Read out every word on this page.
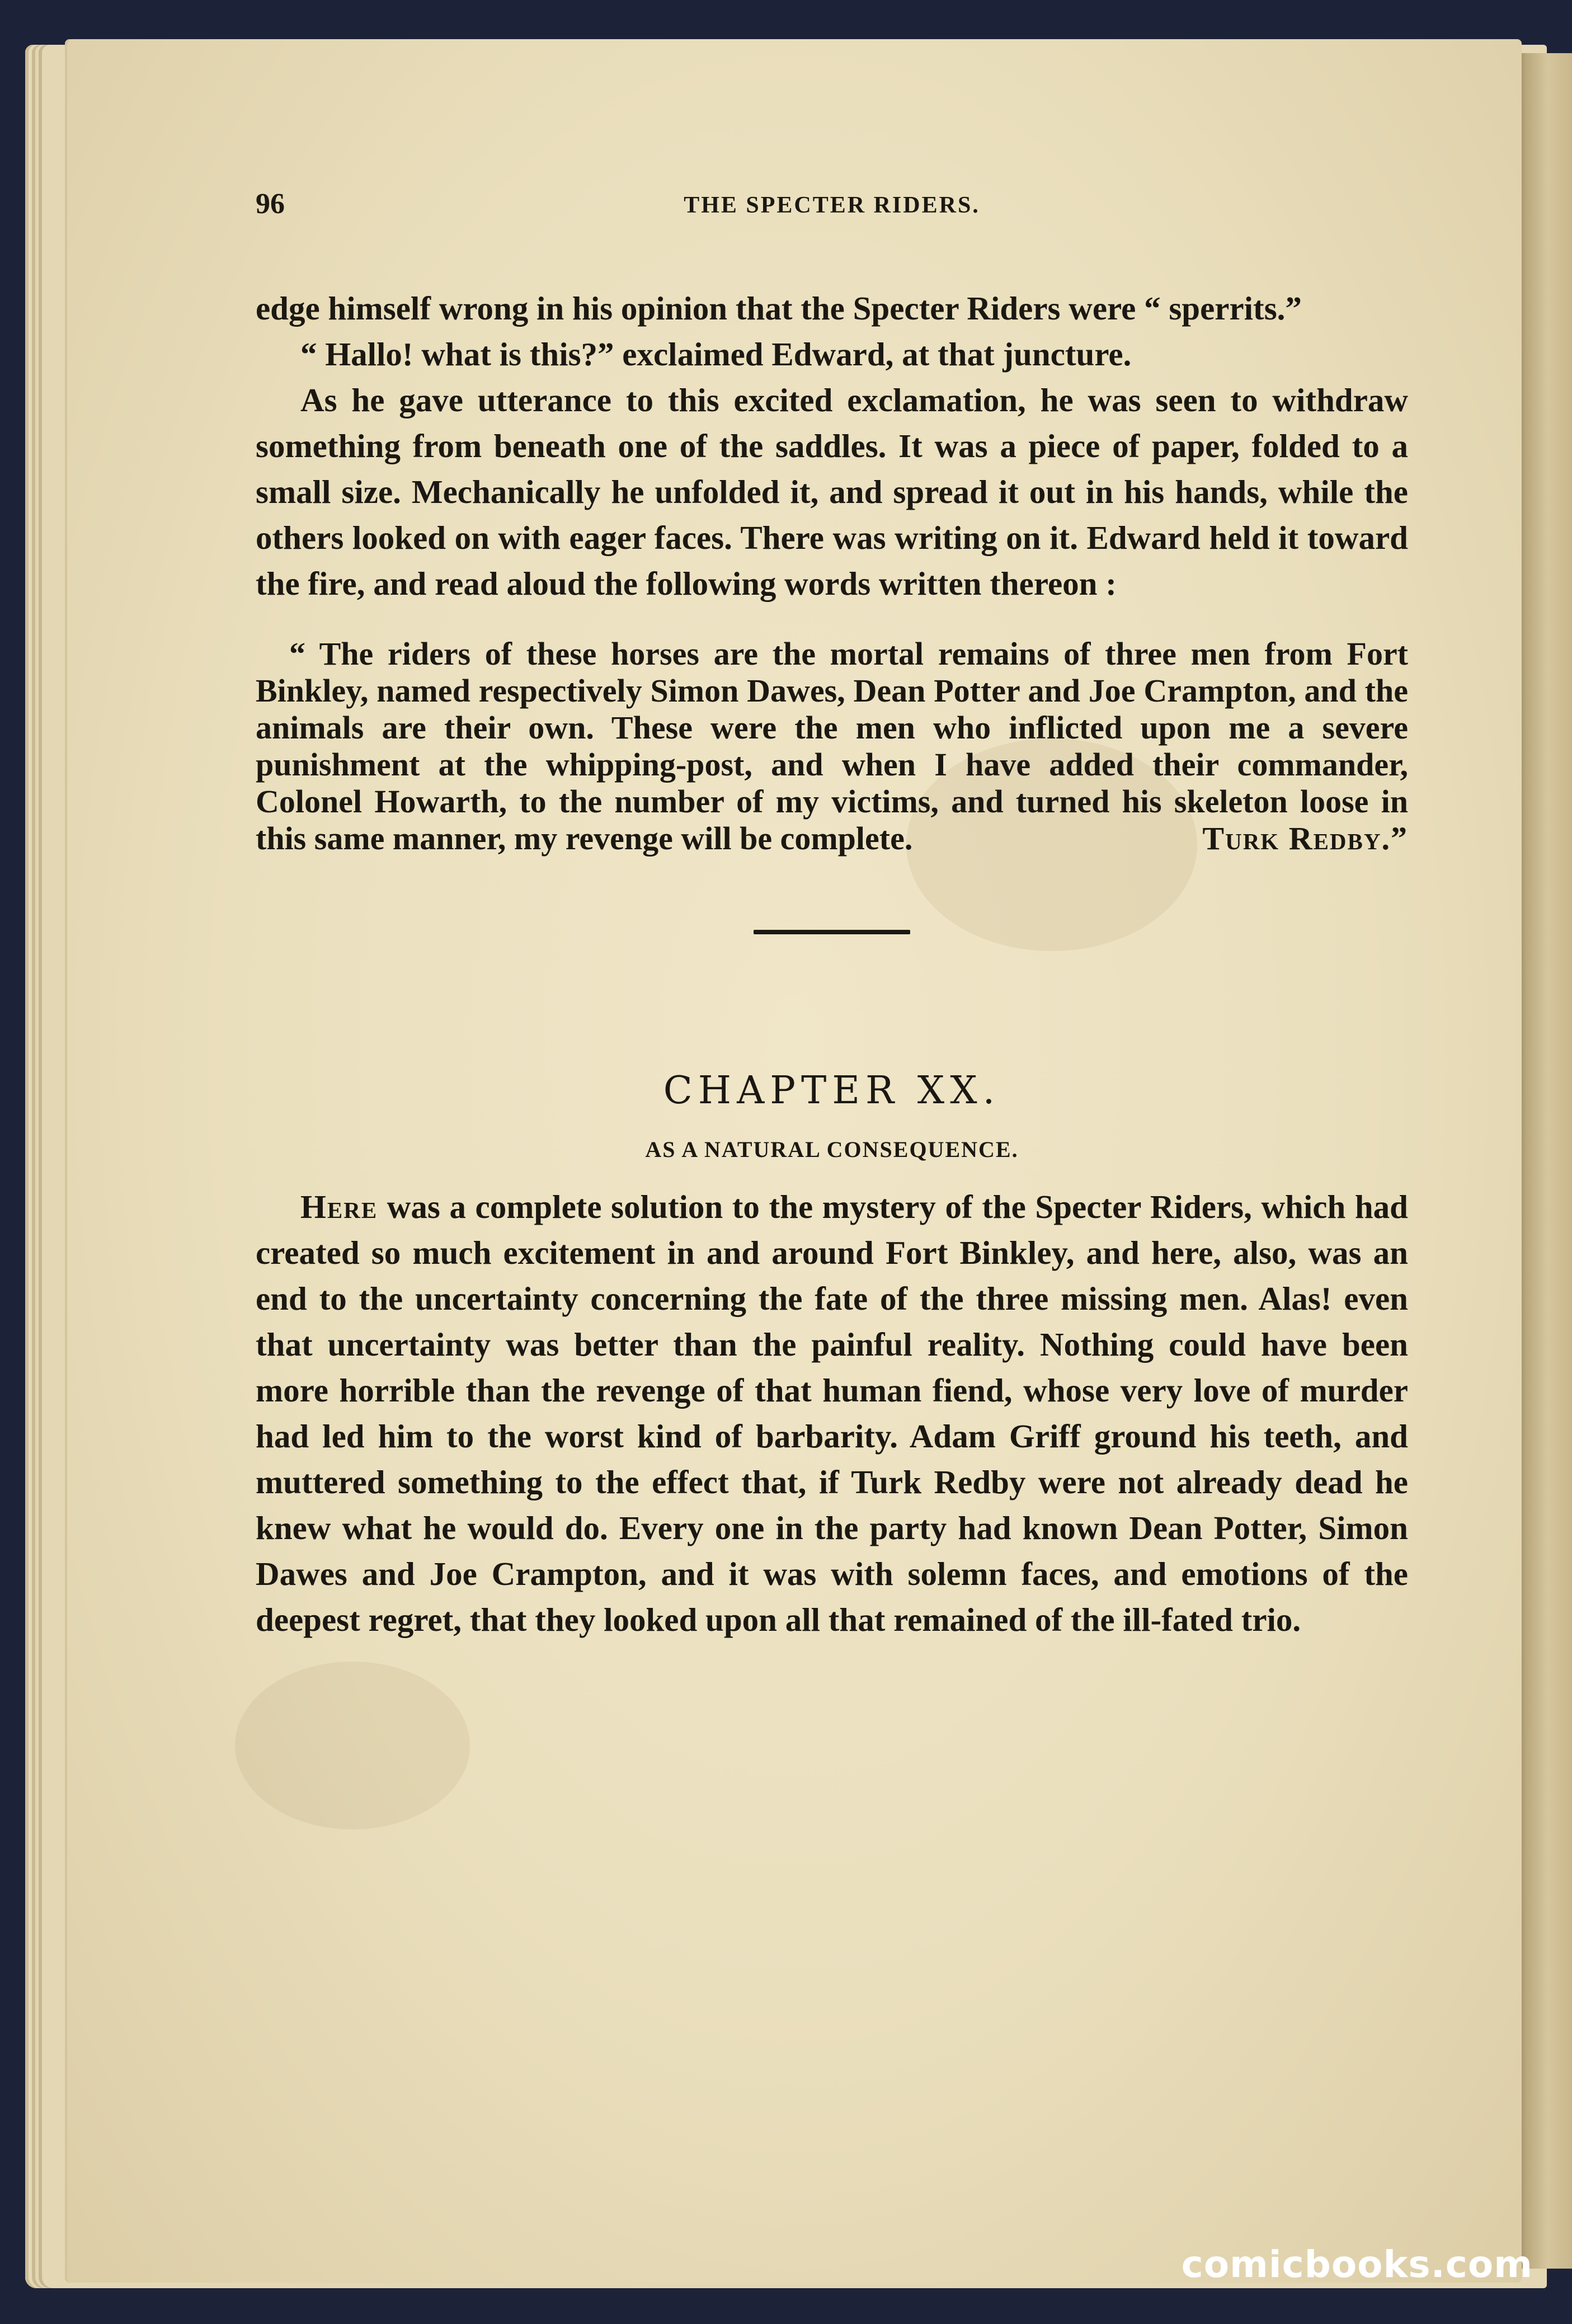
96	THE SPECTER RIDERS.

edge himself wrong in his opinion that the Specter Riders were “ sperrits.”

“ Hallo! what is this?” exclaimed Edward, at that juncture.

As he gave utterance to this excited exclamation, he was seen to withdraw something from beneath one of the saddles. It was a piece of paper, folded to a small size. Mechanically he unfolded it, and spread it out in his hands, while the others looked on with eager faces. There was writing on it. Edward held it toward the fire, and read aloud the following words written thereon :

“ The riders of these horses are the mortal remains of three men from Fort Binkley, named respectively Simon Dawes, Dean Potter and Joe Crampton, and the animals are their own. These were the men who inflicted upon me a severe punishment at the whipping-post, and when I have added their commander, Colonel Howarth, to the number of my victims, and turned his skeleton loose in this same manner, my revenge will be complete.	Turk Redby.”
CHAPTER XX.
AS A NATURAL CONSEQUENCE.

Here was a complete solution to the mystery of the Specter Riders, which had created so much excitement in and around Fort Binkley, and here, also, was an end to the uncertainty concerning the fate of the three missing men. Alas! even that uncertainty was better than the painful reality. Nothing could have been more horrible than the revenge of that human fiend, whose very love of murder had led him to the worst kind of barbarity. Adam Griff ground his teeth, and muttered something to the effect that, if Turk Redby were not already dead he knew what he would do. Every one in the party had known Dean Potter, Simon Dawes and Joe Crampton, and it was with solemn faces, and emotions of the deepest regret, that they looked upon all that remained of the ill-fated trio.

comicbooks.com
